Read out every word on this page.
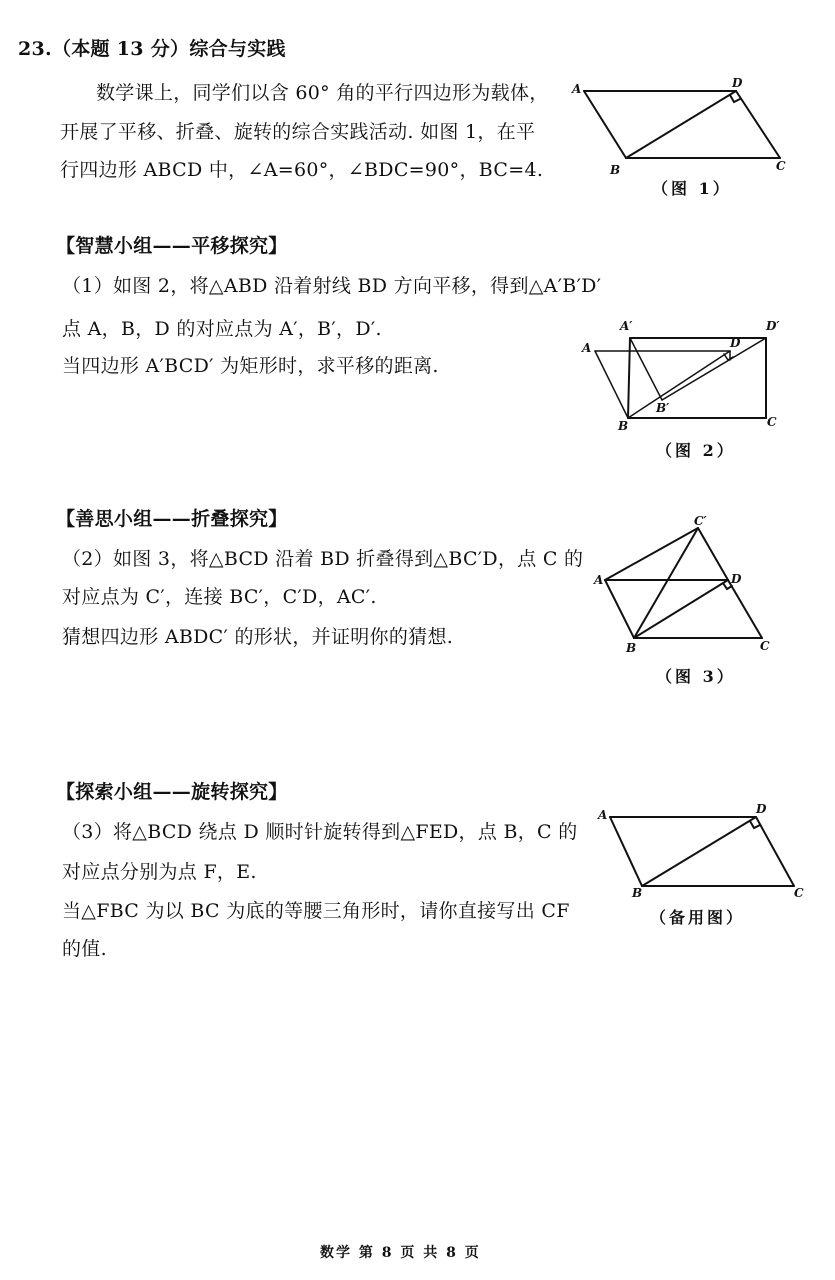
23.（本题 13 分）综合与实践
数学课上，同学们以含 60° 角的平行四边形为载体，
开展了平移、折叠、旋转的综合实践活动. 如图 1，在平
行四边形 ABCD 中，∠A=60°，∠BDC=90°，BC=4.
A	D
B	C
（图 1）
【智慧小组——平移探究】
（1）如图 2，将△ABD 沿着射线 BD 方向平移，得到△A′B′D′
点 A，B，D 的对应点为 A′，B′，D′.
当四边形 A′BCD′ 为矩形时，求平移的距离.
A
A′	D′
D
B′
B	C
（图 2）
【善思小组——折叠探究】
（2）如图 3，将△BCD 沿着 BD 折叠得到△BC′D，点 C 的
对应点为 C′，连接 BC′，C′D，AC′.
猜想四边形 ABDC′ 的形状，并证明你的猜想.
C′
A	D
B	C
（图 3）
【探索小组——旋转探究】
（3）将△BCD 绕点 D 顺时针旋转得到△FED，点 B，C 的
对应点分别为点 F，E.
当△FBC 为以 BC 为底的等腰三角形时，请你直接写出 CF
的值.
A	D
B	C
（备用图）
数学 第 8 页 共 8 页
